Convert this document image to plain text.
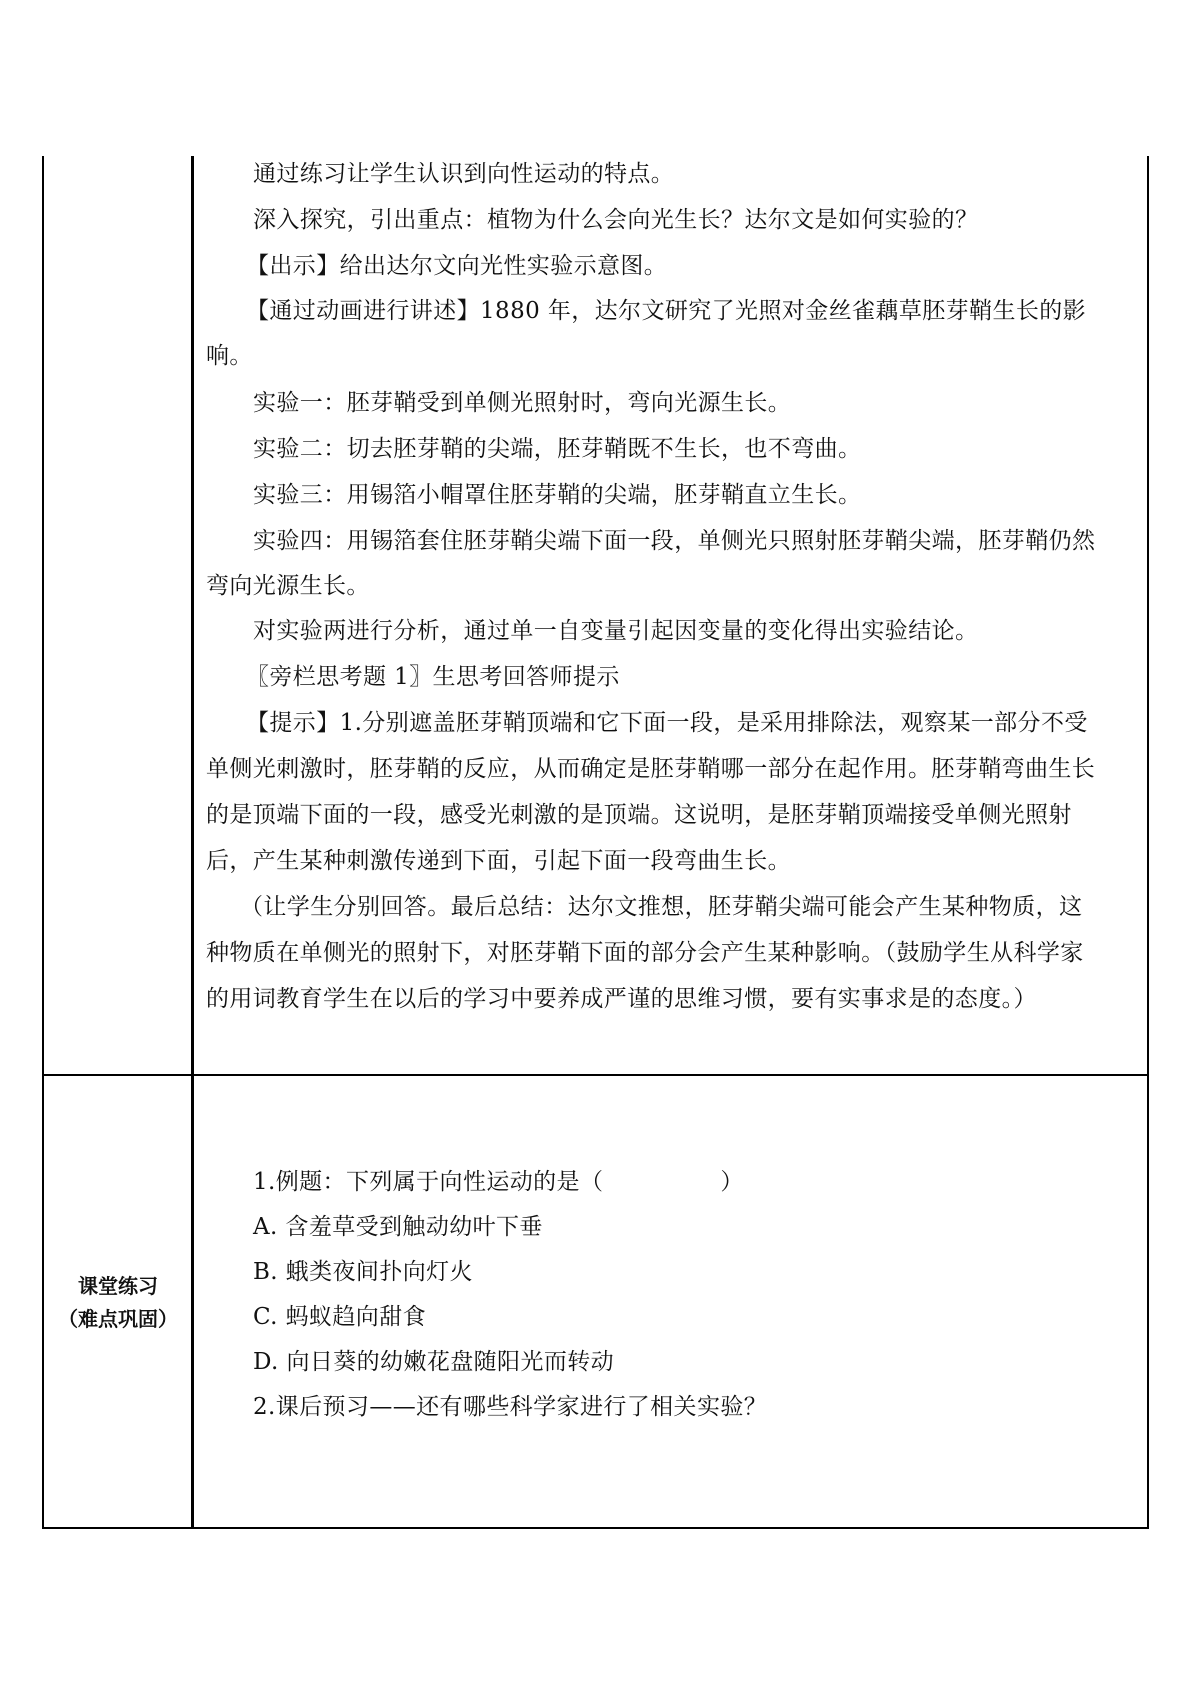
通过练习让学生认识到向性运动的特点。
深入探究，引出重点：植物为什么会向光生长？达尔文是如何实验的？
【出示】给出达尔文向光性实验示意图。
【通过动画进行讲述】1880 年，达尔文研究了光照对金丝雀藕草胚芽鞘生长的影
响。
实验一：胚芽鞘受到单侧光照射时，弯向光源生长。
实验二：切去胚芽鞘的尖端，胚芽鞘既不生长，也不弯曲。
实验三：用锡箔小帽罩住胚芽鞘的尖端，胚芽鞘直立生长。
实验四：用锡箔套住胚芽鞘尖端下面一段，单侧光只照射胚芽鞘尖端，胚芽鞘仍然
弯向光源生长。
对实验两进行分析，通过单一自变量引起因变量的变化得出实验结论。
〖旁栏思考题 1〗生思考回答师提示
【提示】1.分别遮盖胚芽鞘顶端和它下面一段，是采用排除法，观察某一部分不受
单侧光刺激时，胚芽鞘的反应，从而确定是胚芽鞘哪一部分在起作用。胚芽鞘弯曲生长
的是顶端下面的一段，感受光刺激的是顶端。这说明，是胚芽鞘顶端接受单侧光照射
后，产生某种刺激传递到下面，引起下面一段弯曲生长。
（让学生分别回答。最后总结：达尔文推想，胚芽鞘尖端可能会产生某种物质，这
种物质在单侧光的照射下，对胚芽鞘下面的部分会产生某种影响。（鼓励学生从科学家
的用词教育学生在以后的学习中要养成严谨的思维习惯，要有实事求是的态度。）
课堂练习
（难点巩固）
1.例题：下列属于向性运动的是（　　　　　）
A. 含羞草受到触动幼叶下垂
B. 蛾类夜间扑向灯火
C. 蚂蚁趋向甜食
D. 向日葵的幼嫩花盘随阳光而转动
2.课后预习——还有哪些科学家进行了相关实验？
